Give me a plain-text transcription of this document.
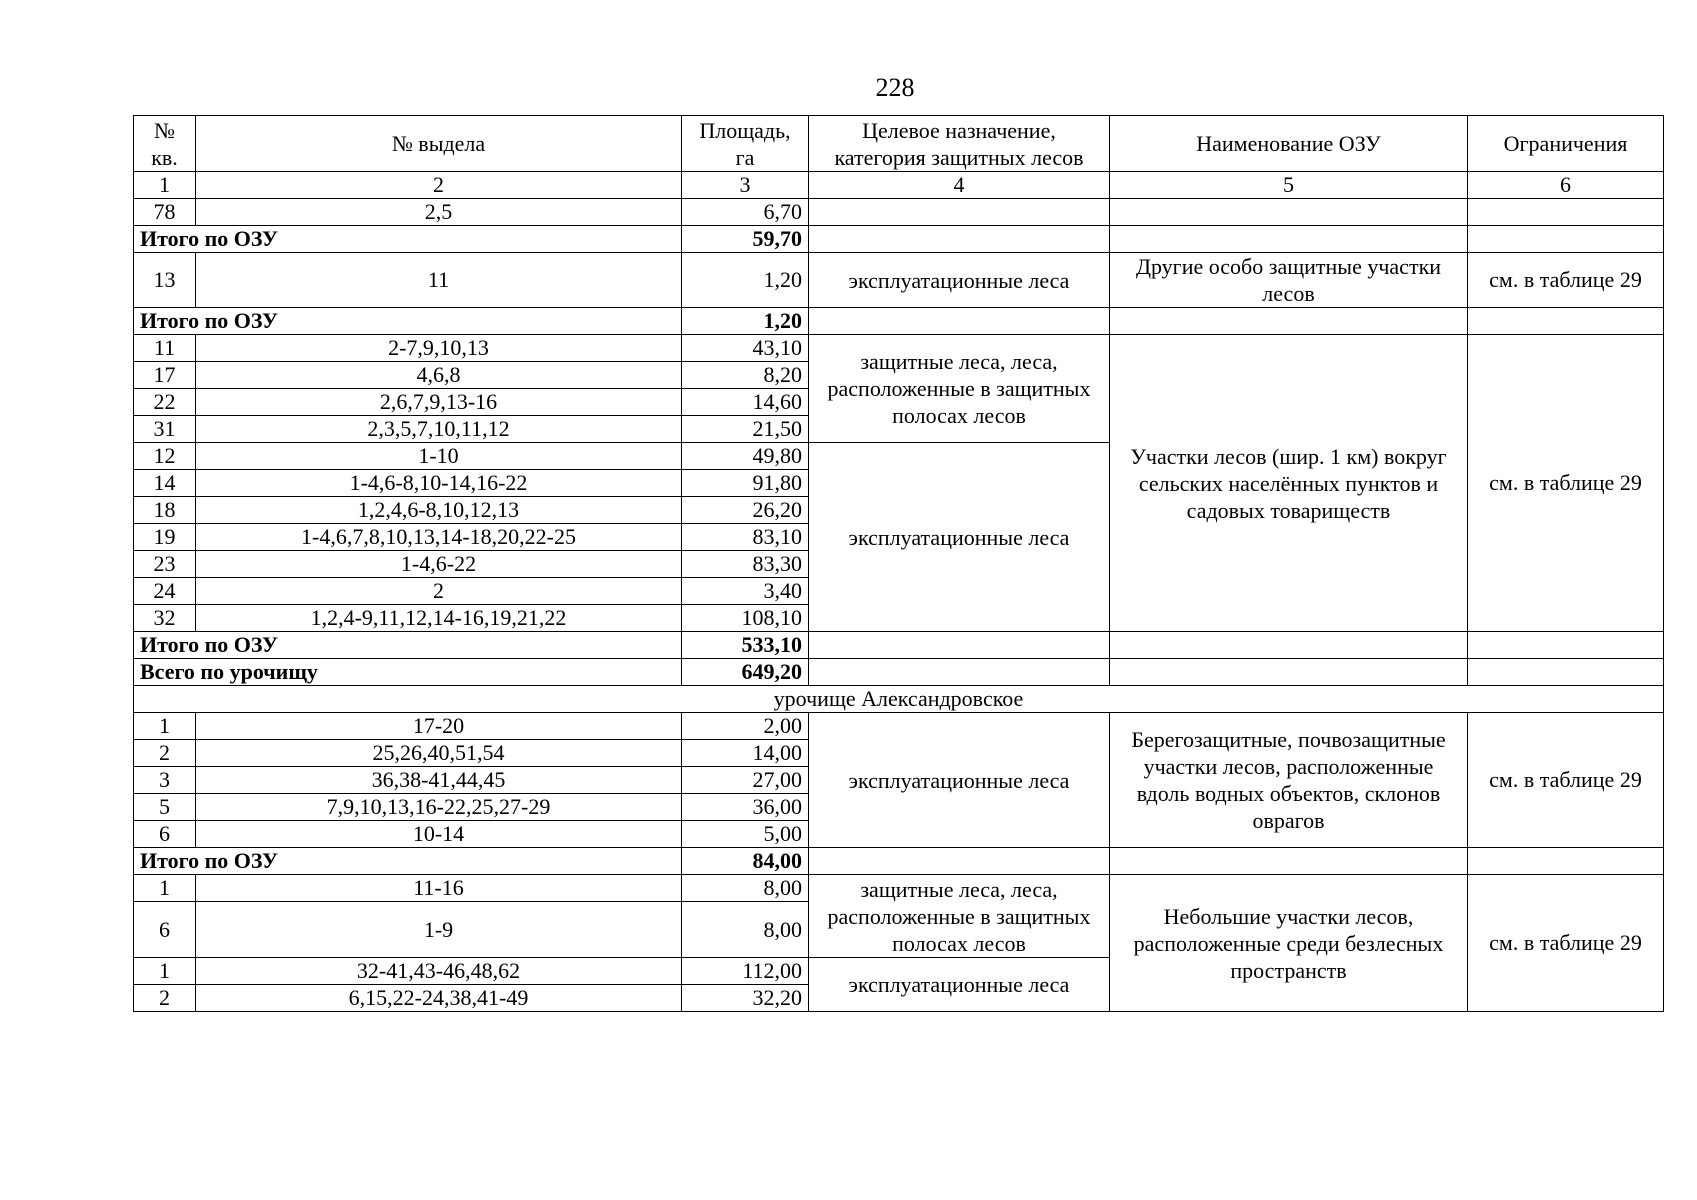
228
№ кв.	№ выдела	Площадь, га	Целевое назначение, категория защитных лесов	Наименование ОЗУ	Ограничения
1	2	3	4	5	6
78	2,5	6,70			
Итого по ОЗУ		59,70			
13	11	1,20	эксплуатационные леса	Другие особо защитные участки лесов	см. в таблице 29
Итого по ОЗУ		1,20			
11	2-7,9,10,13	43,10	защитные леса, леса, расположенные в защитных полосах лесов	Участки лесов (шир. 1 км) вокруг сельских населённых пунктов и садовых товариществ	см. в таблице 29
17	4,6,8	8,20			
22	2,6,7,9,13-16	14,60			
31	2,3,5,7,10,11,12	21,50			
12	1-10	49,80	эксплуатационные леса		
14	1-4,6-8,10-14,16-22	91,80			
18	1,2,4,6-8,10,12,13	26,20			
19	1-4,6,7,8,10,13,14-18,20,22-25	83,10			
23	1-4,6-22	83,30			
24	2	3,40			
32	1,2,4-9,11,12,14-16,19,21,22	108,10			
Итого по ОЗУ		533,10			
Всего по урочищу		649,20			
урочище Александровское					
1	17-20	2,00	эксплуатационные леса	Берегозащитные, почвозащитные участки лесов, расположенные вдоль водных объектов, склонов оврагов	см. в таблице 29
2	25,26,40,51,54	14,00			
3	36,38-41,44,45	27,00			
5	7,9,10,13,16-22,25,27-29	36,00			
6	10-14	5,00			
Итого по ОЗУ		84,00			
1	11-16	8,00	защитные леса, леса, расположенные в защитных полосах лесов	Небольшие участки лесов, расположенные среди безлесных пространств	см. в таблице 29
6	1-9	8,00			
1	32-41,43-46,48,62	112,00	эксплуатационные леса		
2	6,15,22-24,38,41-49	32,20			
